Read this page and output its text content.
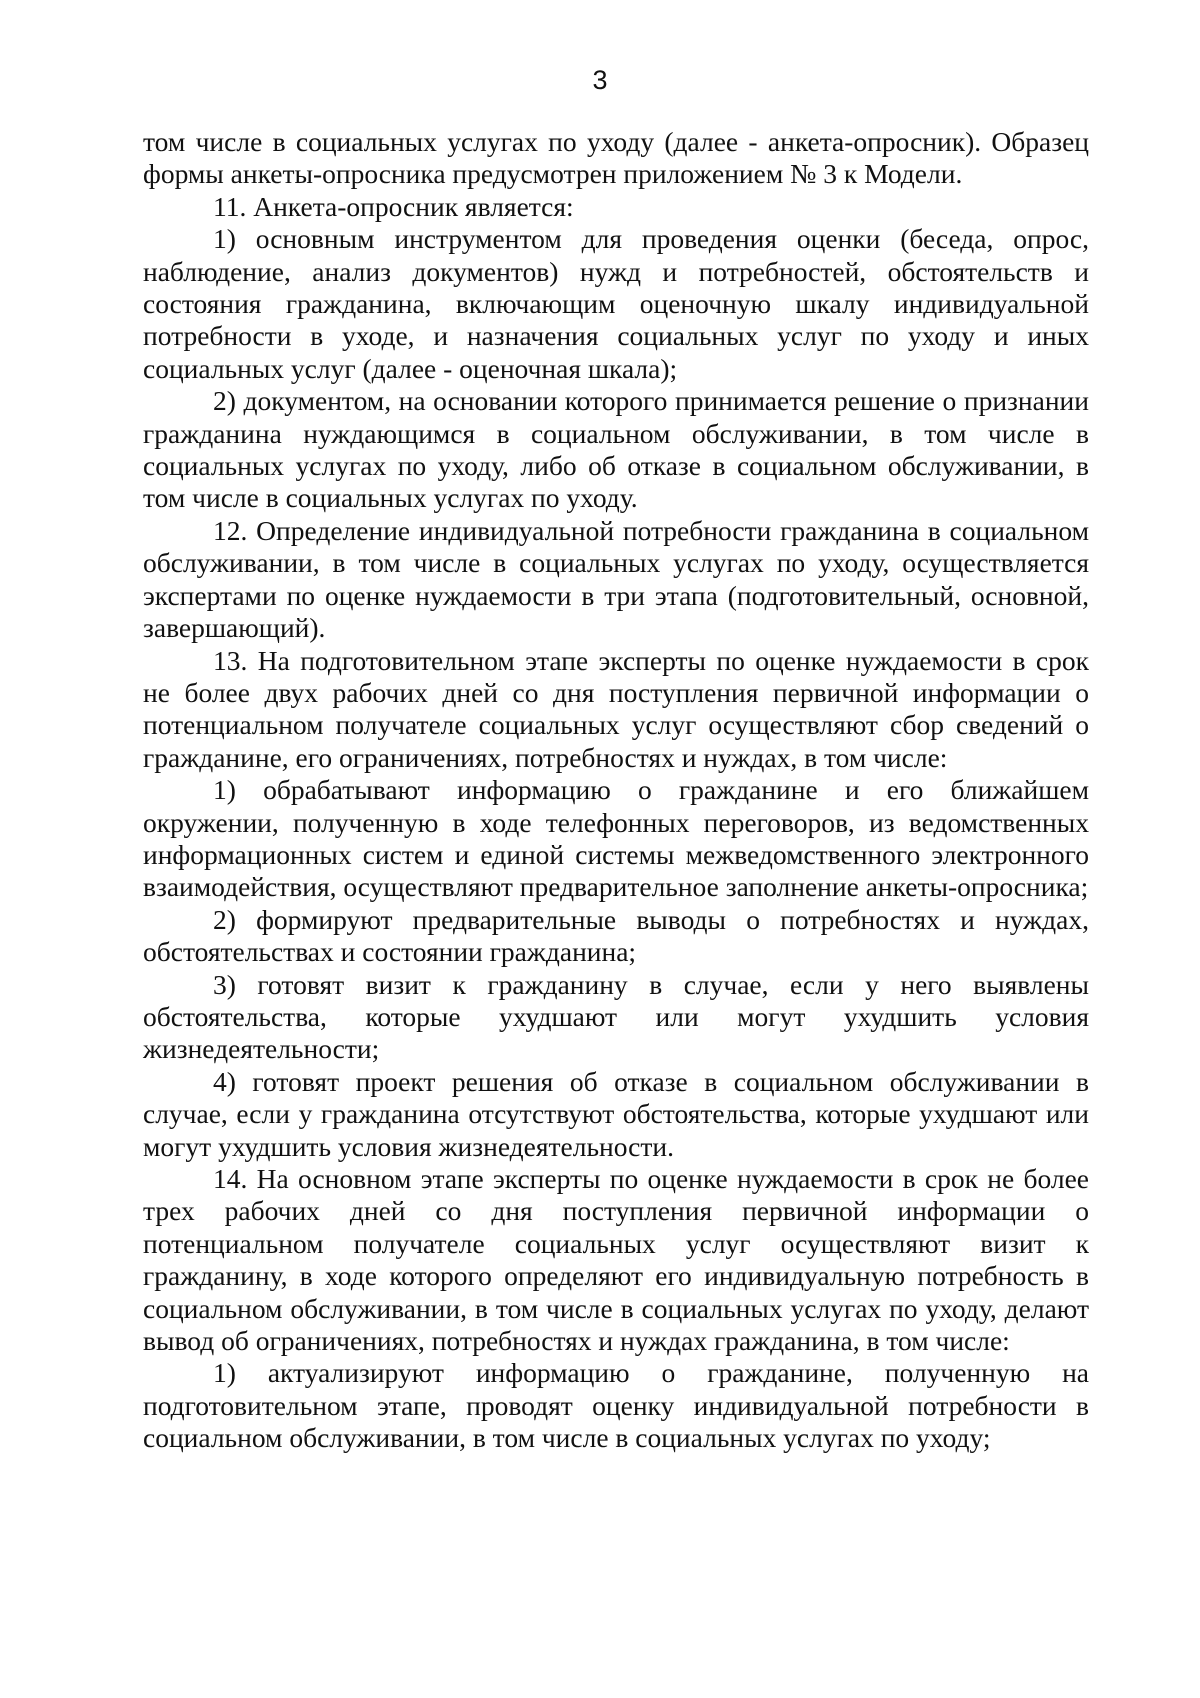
3

том числе в социальных услугах по уходу (далее - анкета-опросник). Образец формы анкеты-опросника предусмотрен приложением № 3 к Модели.

11. Анкета-опросник является:

1) основным инструментом для проведения оценки (беседа, опрос, наблюдение, анализ документов) нужд и потребностей, обстоятельств и состояния гражданина, включающим оценочную шкалу индивидуальной потребности в уходе, и назначения социальных услуг по уходу и иных социальных услуг (далее - оценочная шкала);

2) документом, на основании которого принимается решение о признании гражданина нуждающимся в социальном обслуживании, в том числе в социальных услугах по уходу, либо об отказе в социальном обслуживании, в том числе в социальных услугах по уходу.

12. Определение индивидуальной потребности гражданина в социальном обслуживании, в том числе в социальных услугах по уходу, осуществляется экспертами по оценке нуждаемости в три этапа (подготовительный, основной, завершающий).

13. На подготовительном этапе эксперты по оценке нуждаемости в срок не более двух рабочих дней со дня поступления первичной информации о потенциальном получателе социальных услуг осуществляют сбор сведений о гражданине, его ограничениях, потребностях и нуждах, в том числе:

1) обрабатывают информацию о гражданине и его ближайшем окружении, полученную в ходе телефонных переговоров, из ведомственных информационных систем и единой системы межведомственного электронного взаимодействия, осуществляют предварительное заполнение анкеты-опросника;

2) формируют предварительные выводы о потребностях и нуждах, обстоятельствах и состоянии гражданина;

3) готовят визит к гражданину в случае, если у него выявлены обстоятельства, которые ухудшают или могут ухудшить условия жизнедеятельности;

4) готовят проект решения об отказе в социальном обслуживании в случае, если у гражданина отсутствуют обстоятельства, которые ухудшают или могут ухудшить условия жизнедеятельности.

14. На основном этапе эксперты по оценке нуждаемости в срок не более трех рабочих дней со дня поступления первичной информации о потенциальном получателе социальных услуг осуществляют визит к гражданину, в ходе которого определяют его индивидуальную потребность в социальном обслуживании, в том числе в социальных услугах по уходу, делают вывод об ограничениях, потребностях и нуждах гражданина, в том числе:

1) актуализируют информацию о гражданине, полученную на подготовительном этапе, проводят оценку индивидуальной потребности в социальном обслуживании, в том числе в социальных услугах по уходу;
